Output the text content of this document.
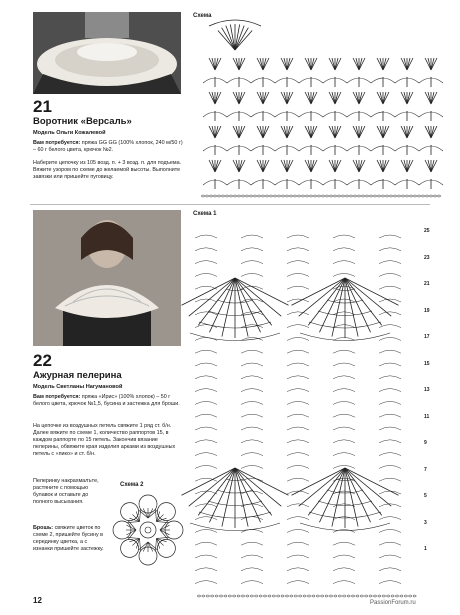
21
Воротник «Версаль»
Модель Ольги Кожалевой
Вам потребуется: пряжа GG GG (100% хлопок, 240 м/50 г) – 60 г белого цвета, крючок №2.
Наберите цепочку из 105 возд. п. + 3 возд. п. для подъема. Вяжите узором по схеме до желаемой высоты. Выполните завязки или пришейте пуговицу.
Схема
22
Ажурная пелерина
Модель Светланы Нагумановой
Вам потребуется: пряжа «Ирис» (100% хлопок) – 50 г белого цвета, крючок №1,5, бусина и застежка для броши.
На цепочке из воздушных петель свяжите 1 ряд ст. б/н. Далее вяжите по схеме 1, количество раппортов 15, в каждом раппорте по 15 петель. Закончив вязание пелерины, обвяжите края изделия арками из воздушных петель с «пико» и ст. б/н.
Пелеринку накрахмалъте, растяните с помощью булавок и оставьте до полного высыхания.
Брошь: свяжите цветок по схеме 2, пришейте бусину в серединку цветка, а с изнанки пришейте застежку.
Схема 2
Схема 1
25
23
21
19
17
15
13
11
9
7
5
3
1
12	PassionForum.ru
